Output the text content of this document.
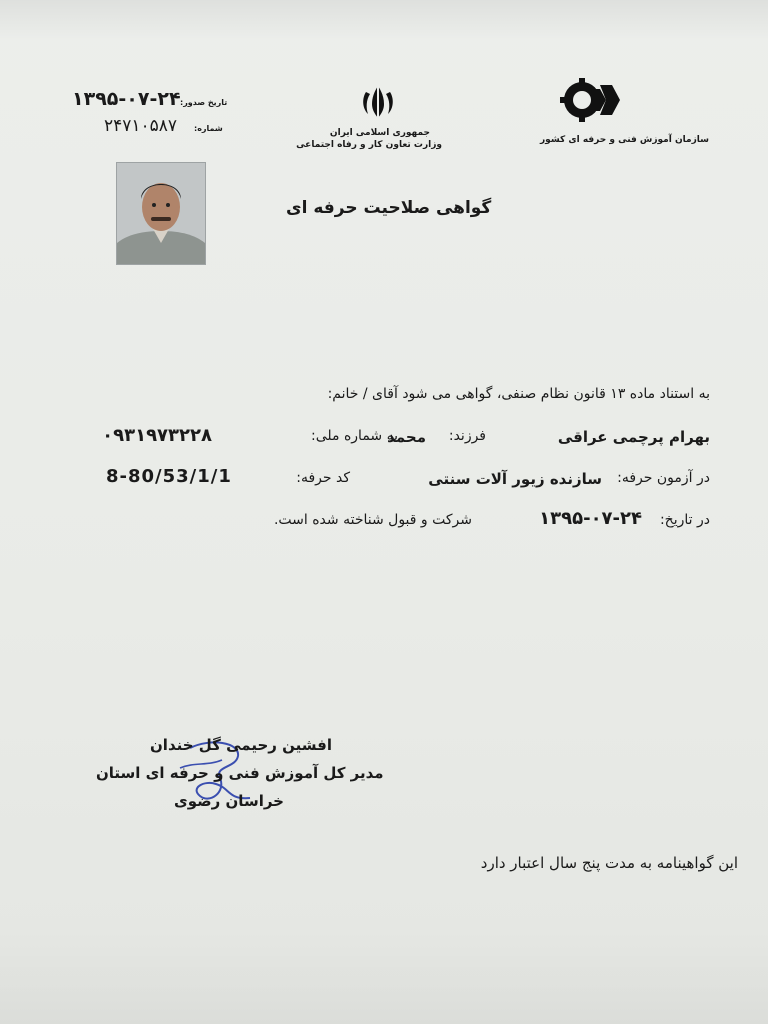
جمهوری اسلامی ایران
وزارت تعاون کار و رفاه اجتماعی	سازمان آموزش فنی و حرفه ای کشور
تاریخ صدور:
۱۳۹۵-۰۷-۲۴
شماره:
۲۴۷۱۰۵۸۷
گواهی صلاحیت حرفه ای
به استناد ماده ۱۳ قانون نظام صنفی، گواهی می شود آقای / خانم:
بهرام پرچمی عراقی
فرزند:
محمد
به شماره ملی:
۰۹۳۱۹۷۳۲۲۸
در آزمون حرفه:
سازنده زیور آلات سنتی
کد حرفه:
8-80/53/1/1
در تاریخ:
۱۳۹۵-۰۷-۲۴
شرکت و قبول شناخته شده است.
افشین رحیمی گل خندان
مدیر کل آموزش فنی و حرفه ای استان
خراسان رضوی
این گواهینامه به مدت پنج سال اعتبار دارد
